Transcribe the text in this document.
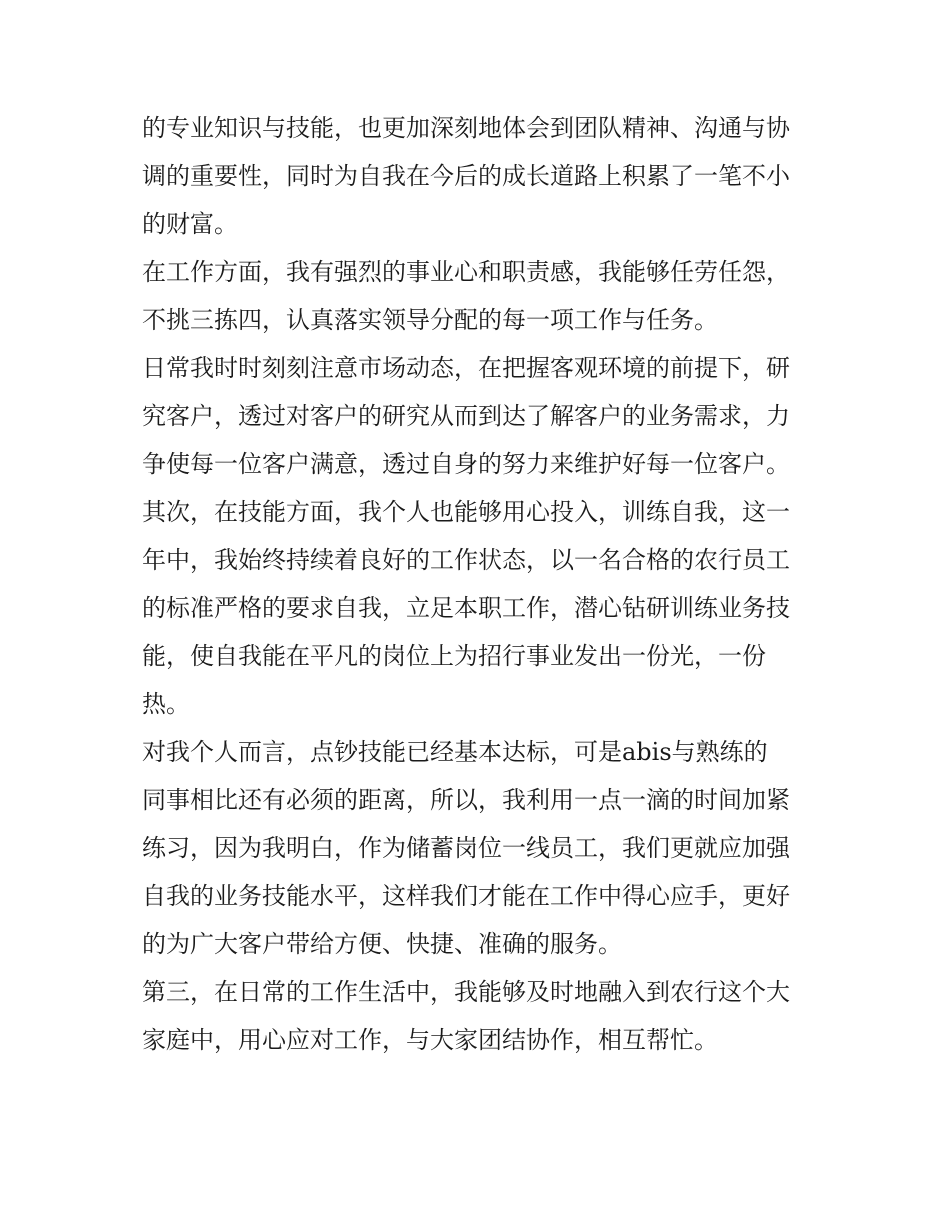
的专业知识与技能，也更加深刻地体会到团队精神、沟通与协
调的重要性，同时为自我在今后的成长道路上积累了一笔不小
的财富。
在工作方面，我有强烈的事业心和职责感，我能够任劳任怨，
不挑三拣四，认真落实领导分配的每一项工作与任务。
日常我时时刻刻注意市场动态，在把握客观环境的前提下，研
究客户，透过对客户的研究从而到达了解客户的业务需求，力
争使每一位客户满意，透过自身的努力来维护好每一位客户。
其次，在技能方面，我个人也能够用心投入，训练自我，这一
年中，我始终持续着良好的工作状态，以一名合格的农行员工
的标准严格的要求自我，立足本职工作，潜心钻研训练业务技
能，使自我能在平凡的岗位上为招行事业发出一份光，一份
热。
对我个人而言，点钞技能已经基本达标，可是abis与熟练的
同事相比还有必须的距离，所以，我利用一点一滴的时间加紧
练习，因为我明白，作为储蓄岗位一线员工，我们更就应加强
自我的业务技能水平，这样我们才能在工作中得心应手，更好
的为广大客户带给方便、快捷、准确的服务。
第三，在日常的工作生活中，我能够及时地融入到农行这个大
家庭中，用心应对工作，与大家团结协作，相互帮忙。
